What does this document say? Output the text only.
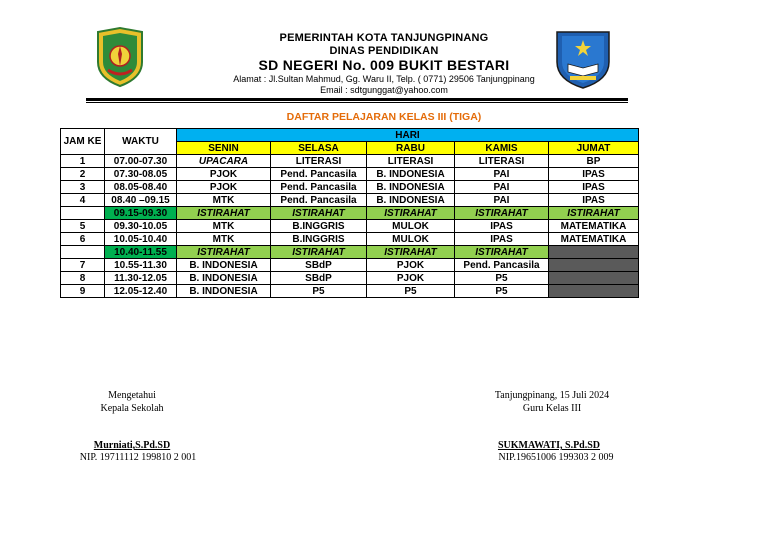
PEMERINTAH KOTA TANJUNGPINANG
DINAS PENDIDIKAN
SD NEGERI No. 009 BUKIT BESTARI
Alamat : Jl.Sultan Mahmud, Gg. Waru II, Telp. ( 0771) 29506 Tanjungpinang
Email : sdtgunggat@yahoo.com
DAFTAR PELAJARAN KELAS III (TIGA)
JAM KE	WAKTU	HARI				
		SENIN	SELASA	RABU	KAMIS	JUMAT
1	07.00-07.30	UPACARA	LITERASI	LITERASI	LITERASI	BP
2	07.30-08.05	PJOK	Pend. Pancasila	B. INDONESIA	PAI	IPAS
3	08.05-08.40	PJOK	Pend. Pancasila	B. INDONESIA	PAI	IPAS
4	08.40 –09.15	MTK	Pend. Pancasila	B. INDONESIA	PAI	IPAS
	09.15-09.30	ISTIRAHAT	ISTIRAHAT	ISTIRAHAT	ISTIRAHAT	ISTIRAHAT
5	09.30-10.05	MTK	B.INGGRIS	MULOK	IPAS	MATEMATIKA
6	10.05-10.40	MTK	B.INGGRIS	MULOK	IPAS	MATEMATIKA
	10.40-11.55	ISTIRAHAT	ISTIRAHAT	ISTIRAHAT	ISTIRAHAT	
7	10.55-11.30	B. INDONESIA	SBdP	PJOK	Pend. Pancasila	
8	11.30-12.05	B. INDONESIA	SBdP	PJOK	P5	
9	12.05-12.40	B. INDONESIA	P5	P5	P5	
Mengetahui
Kepala Sekolah
Murniati,S.Pd.SD
NIP. 19711112 199810 2 001
Tanjungpinang, 15 Juli 2024
Guru Kelas III
SUKMAWATI, S.Pd.SD
NIP.19651006 199303 2 009
